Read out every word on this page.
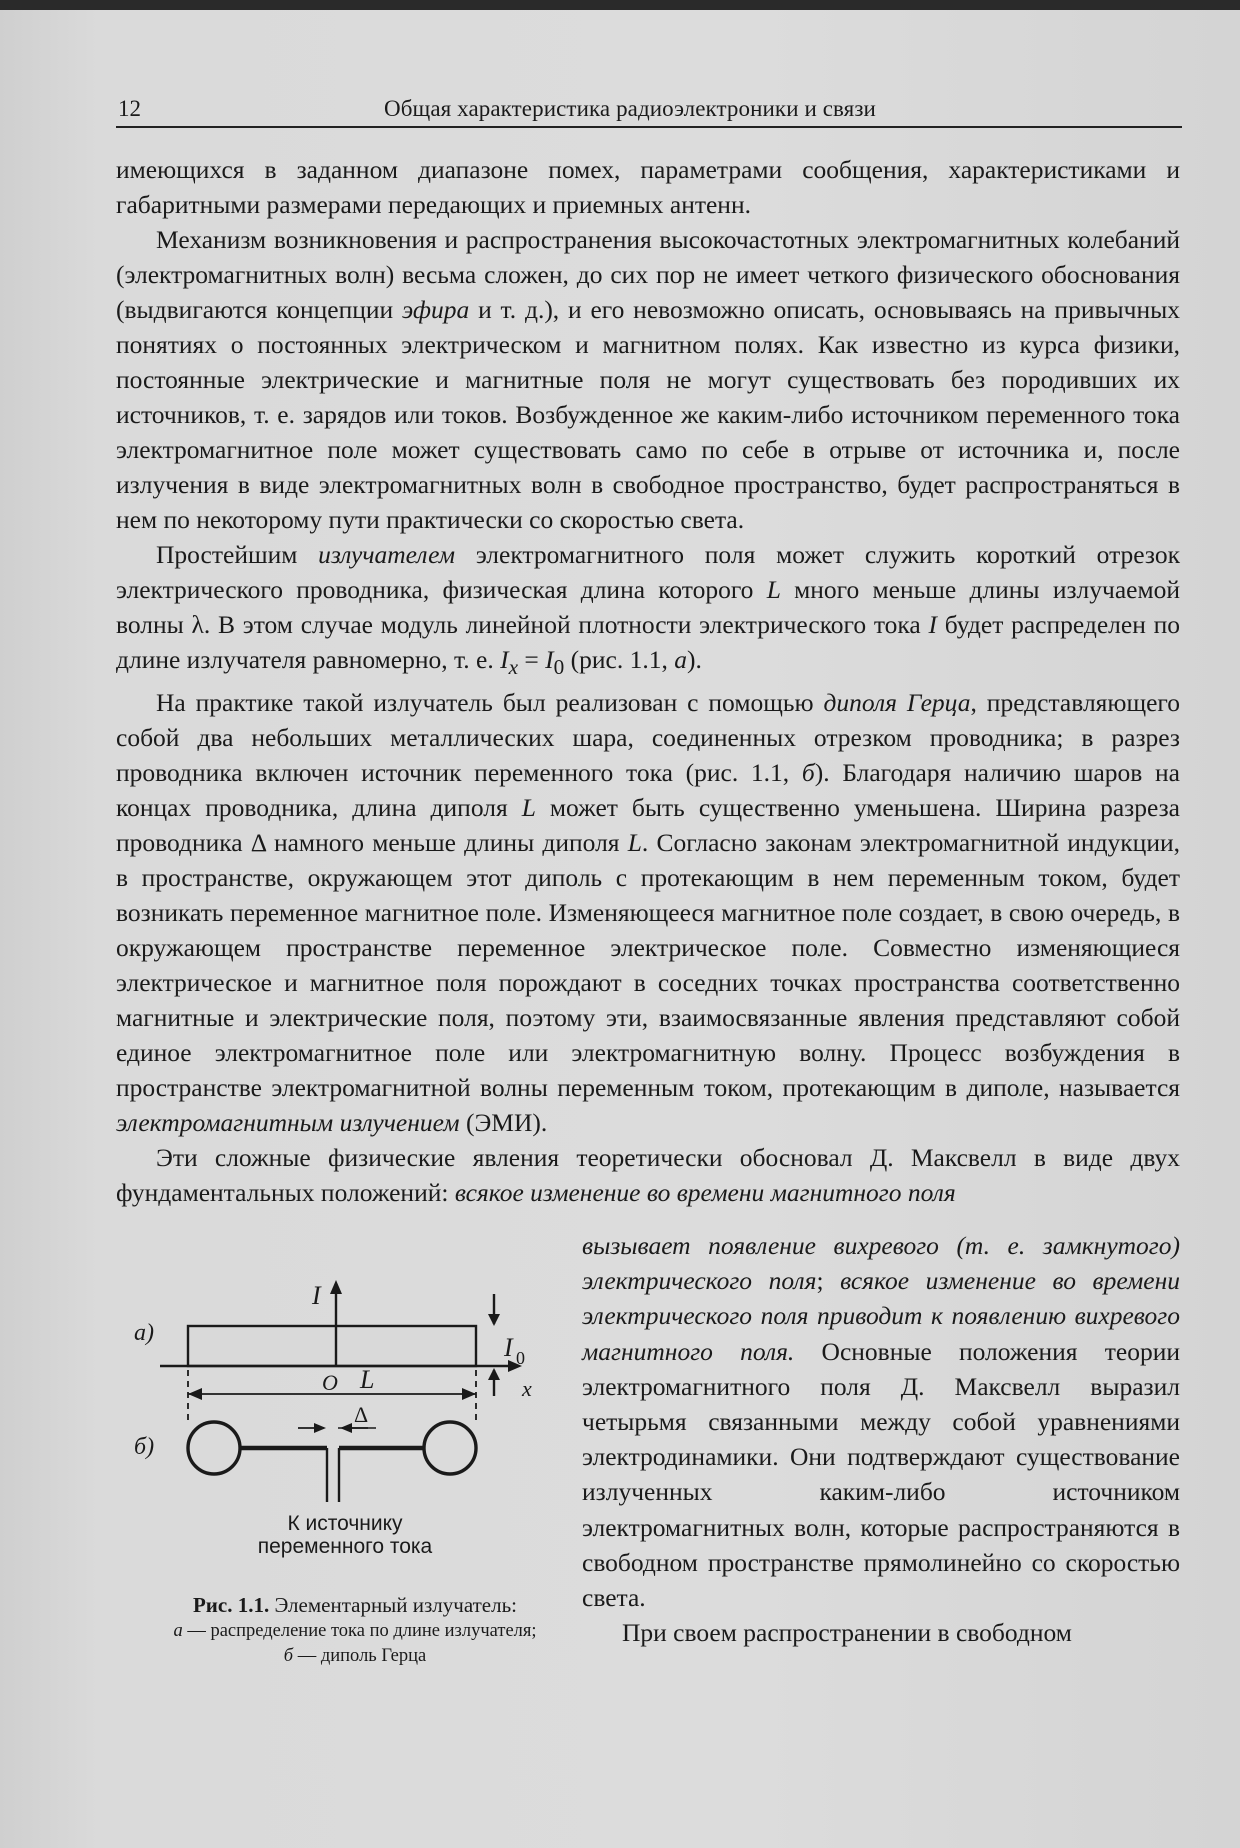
12	Общая характеристика радиоэлектроники и связи

имеющихся в заданном диапазоне помех, параметрами сообщения, характеристиками и габаритными размерами передающих и приемных антенн.

Механизм возникновения и распространения высокочастотных электромагнитных колебаний (электромагнитных волн) весьма сложен, до сих пор не имеет четкого физического обоснования (выдвигаются концепции эфира и т. д.), и его невозможно описать, основываясь на привычных понятиях о постоянных электрическом и магнитном полях. Как известно из курса физики, постоянные электрические и магнитные поля не могут существовать без породивших их источников, т. е. зарядов или токов. Возбужденное же каким-либо источником переменного тока электромагнитное поле может существовать само по себе в отрыве от источника и, после излучения в виде электромагнитных волн в свободное пространство, будет распространяться в нем по некоторому пути практически со скоростью света.

Простейшим излучателем электромагнитного поля может служить короткий отрезок электрического проводника, физическая длина которого L много меньше длины излучаемой волны λ. В этом случае модуль линейной плотности электрического тока I будет распределен по длине излучателя равномерно, т. е. $I_x = I_0$ (рис. 1.1, а).

На практике такой излучатель был реализован с помощью диполя Герца, представляющего собой два небольших металлических шара, соединенных отрезком проводника; в разрез проводника включен источник переменного тока (рис. 1.1, б). Благодаря наличию шаров на концах проводника, длина диполя L может быть существенно уменьшена. Ширина разреза проводника Δ намного меньше длины диполя L. Согласно законам электромагнитной индукции, в пространстве, окружающем этот диполь с протекающим в нем переменным током, будет возникать переменное магнитное поле. Изменяющееся магнитное поле создает, в свою очередь, в окружающем пространстве переменное электрическое поле. Совместно изменяющиеся электрическое и магнитное поля порождают в соседних точках пространства соответственно магнитные и электрические поля, поэтому эти, взаимосвязанные явления представляют собой единое электромагнитное поле или электромагнитную волну. Процесс возбуждения в пространстве электромагнитной волны переменным током, протекающим в диполе, называется электромагнитным излучением (ЭМИ).

Эти сложные физические явления теоретически обосновал Д. Максвелл в виде двух фундаментальных положений: всякое изменение во времени магнитного поля

вызывает появление вихревого (т. е. замкнутого) электрического поля; всякое изменение во времени электрического поля приводит к появлению вихревого магнитного поля. Основные положения теории электромагнитного поля Д. Максвелл выразил четырьмя связанными между собой уравнениями электродинамики. Они подтверждают существование излученных каким-либо источником электромагнитных волн, которые распространяются в свободном пространстве прямолинейно со скоростью света.

При своем распространении в свободном

а)
б)
I
I 0
x
O L
Δ
К источнику
переменного тока
Рис. 1.1. Элементарный излучатель:
а — распределение тока по длине излучателя; б — диполь Герца
